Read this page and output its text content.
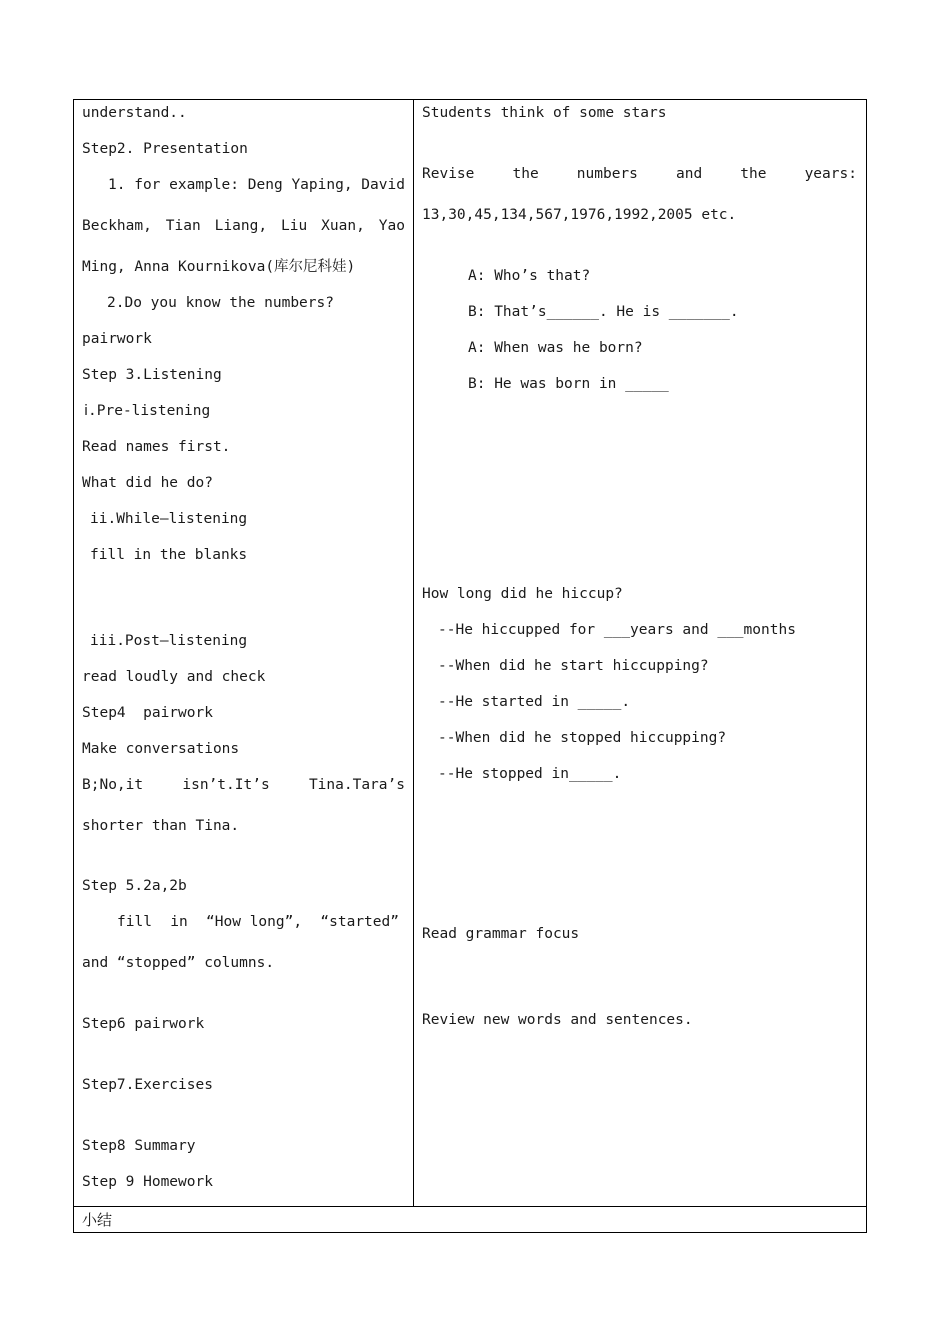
understand..
Step2. Presentation
1. for example: Deng Yaping, David
Beckham, Tian Liang, Liu Xuan, Yao
Ming, Anna Kournikova(库尔尼科娃)
2.Do you know the numbers?
pairwork
Step 3.Listening
ⅰ.Pre-listening
Read names first.
What did he do?
ii.While—listening
fill in the blanks
iii.Post—listening
read loudly and check
Step4  pairwork
Make conversations
B;No,it	isn’t.It’s	Tina.Tara’s
shorter than Tina.
Step 5.2a,2b
fill in “How long”, “started”
and “stopped” columns.
Step6 pairwork
Step7.Exercises
Step8 Summary
Step 9 Homework
Students think of some stars
Revise	the	numbers	and	the	years:
13,30,45,134,567,1976,1992,2005 etc.
A: Who’s that?
B: That’s______. He is _______.
A: When was he born?
B: He was born in _____
How long did he hiccup?
--He hiccupped for ___years and ___months
--When did he start hiccupping?
--He started in _____.
--When did he stopped hiccupping?
--He stopped in_____.
Read grammar focus
Review new words and sentences.
小结
